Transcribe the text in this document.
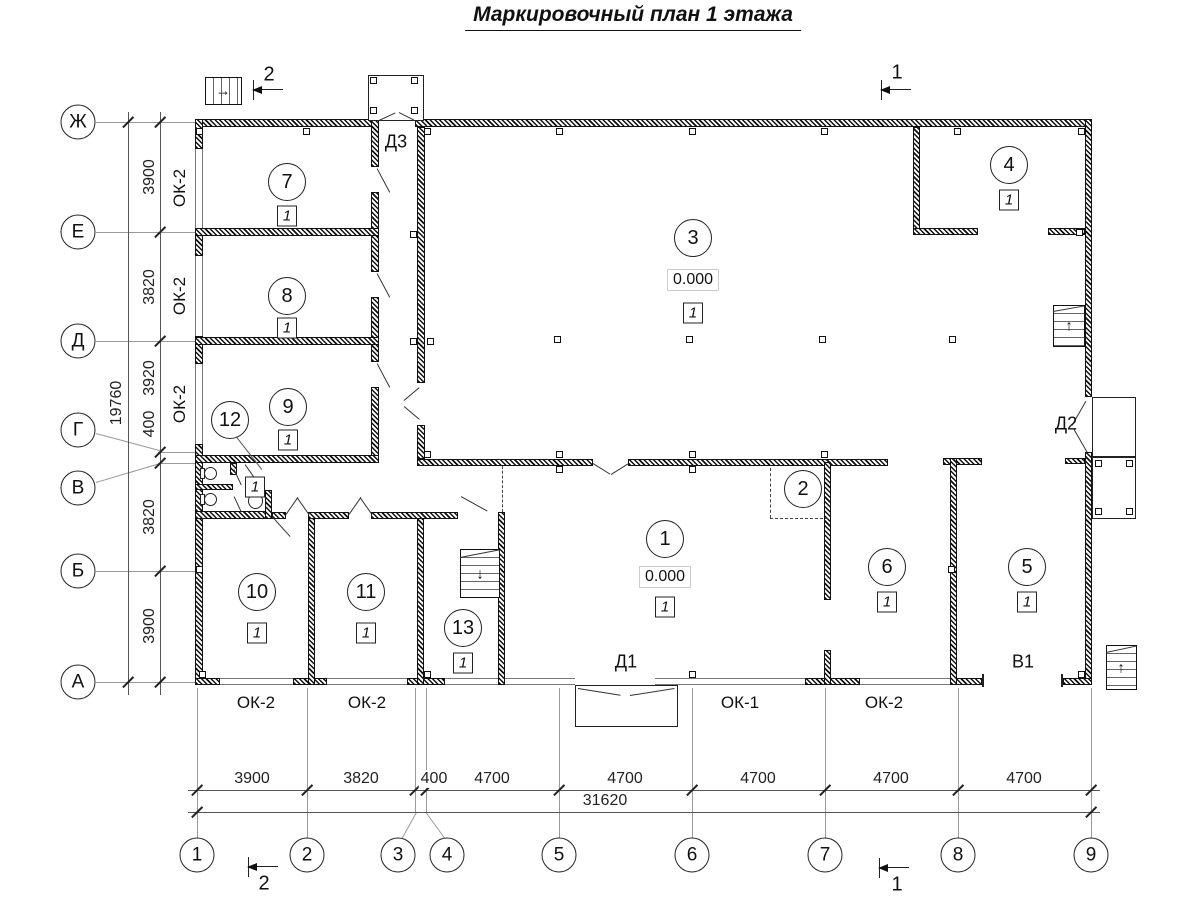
Маркировочный план 1 этажа
3900
3820
3920
400
3820
3900
19760
3900	3820	400 4700	4700	4700	4700	4700
31620
Ж
Е
Д
Г
В
Б
А
1	2	3	4	5	6	7	8	9
→
↓
↑
↑
7
1
8
1
9
1
12
1
10
1
11
1	13
1
3
0.000
1
4
1
1
0.000
1
2
6
1
5
1
Д3
Д2
Д1	В1
ОК-2
ОК-2
ОК-2
ОК-2	ОК-2	ОК-1	ОК-2
2	1
2	1
